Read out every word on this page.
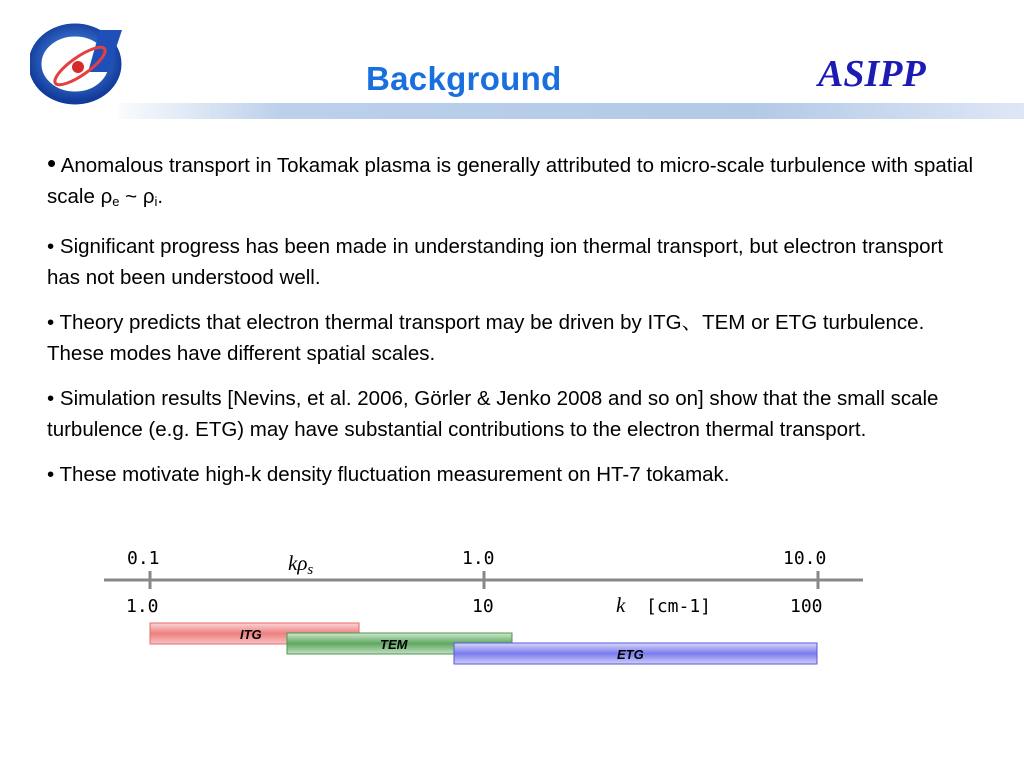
Background	ASIPP
• Anomalous transport in Tokamak plasma is generally attributed to micro-scale turbulence with spatial scale $\rho_e$ ~ $\rho_i$.
• Significant progress has been made in understanding ion thermal transport, but electron transport has not been understood well.
• Theory predicts that electron thermal transport may be driven by ITG、TEM or ETG turbulence. These modes have different spatial scales.
• Simulation results [Nevins, et al. 2006, Görler & Jenko 2008 and so on] show that the small scale turbulence (e.g. ETG) may have substantial contributions to the electron thermal transport.
• These motivate high-k density fluctuation measurement on HT-7 tokamak.
0.1	1.0	10.0
kρs
1.0	10	100
k [cm-1]
ITG
TEM
ETG
